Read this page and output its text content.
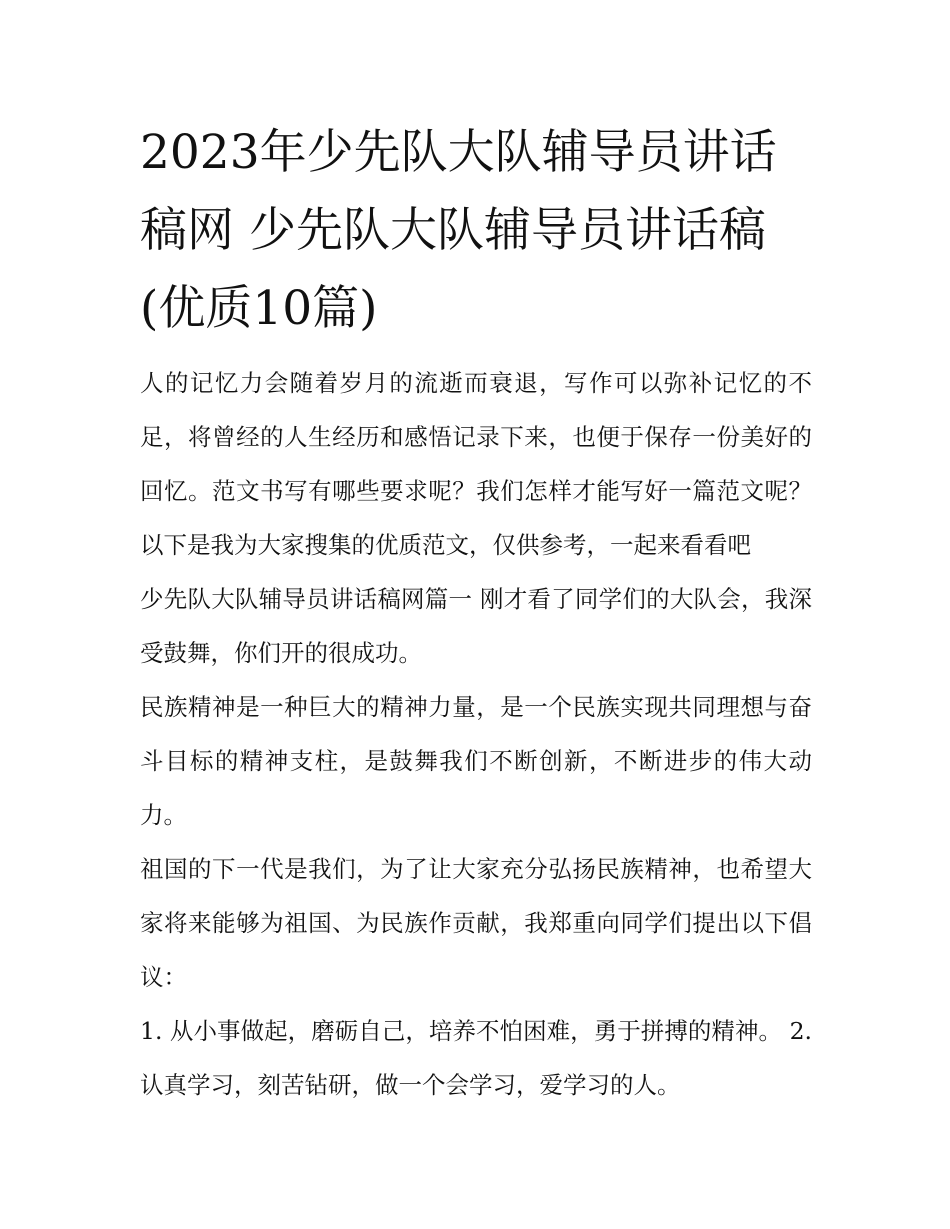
2023年少先队大队辅导员讲话稿网 少先队大队辅导员讲话稿(优质10篇)

人的记忆力会随着岁月的流逝而衰退，写作可以弥补记忆的不足，将曾经的人生经历和感悟记录下来，也便于保存一份美好的回忆。范文书写有哪些要求呢？我们怎样才能写好一篇范文呢？以下是我为大家搜集的优质范文，仅供参考，一起来看看吧

少先队大队辅导员讲话稿网篇一 刚才看了同学们的大队会，我深受鼓舞，你们开的很成功。

民族精神是一种巨大的精神力量，是一个民族实现共同理想与奋斗目标的精神支柱，是鼓舞我们不断创新，不断进步的伟大动力。

祖国的下一代是我们，为了让大家充分弘扬民族精神，也希望大家将来能够为祖国、为民族作贡献，我郑重向同学们提出以下倡议：

1. 从小事做起，磨砺自己，培养不怕困难，勇于拼搏的精神。 2. 认真学习，刻苦钻研，做一个会学习，爱学习的人。
